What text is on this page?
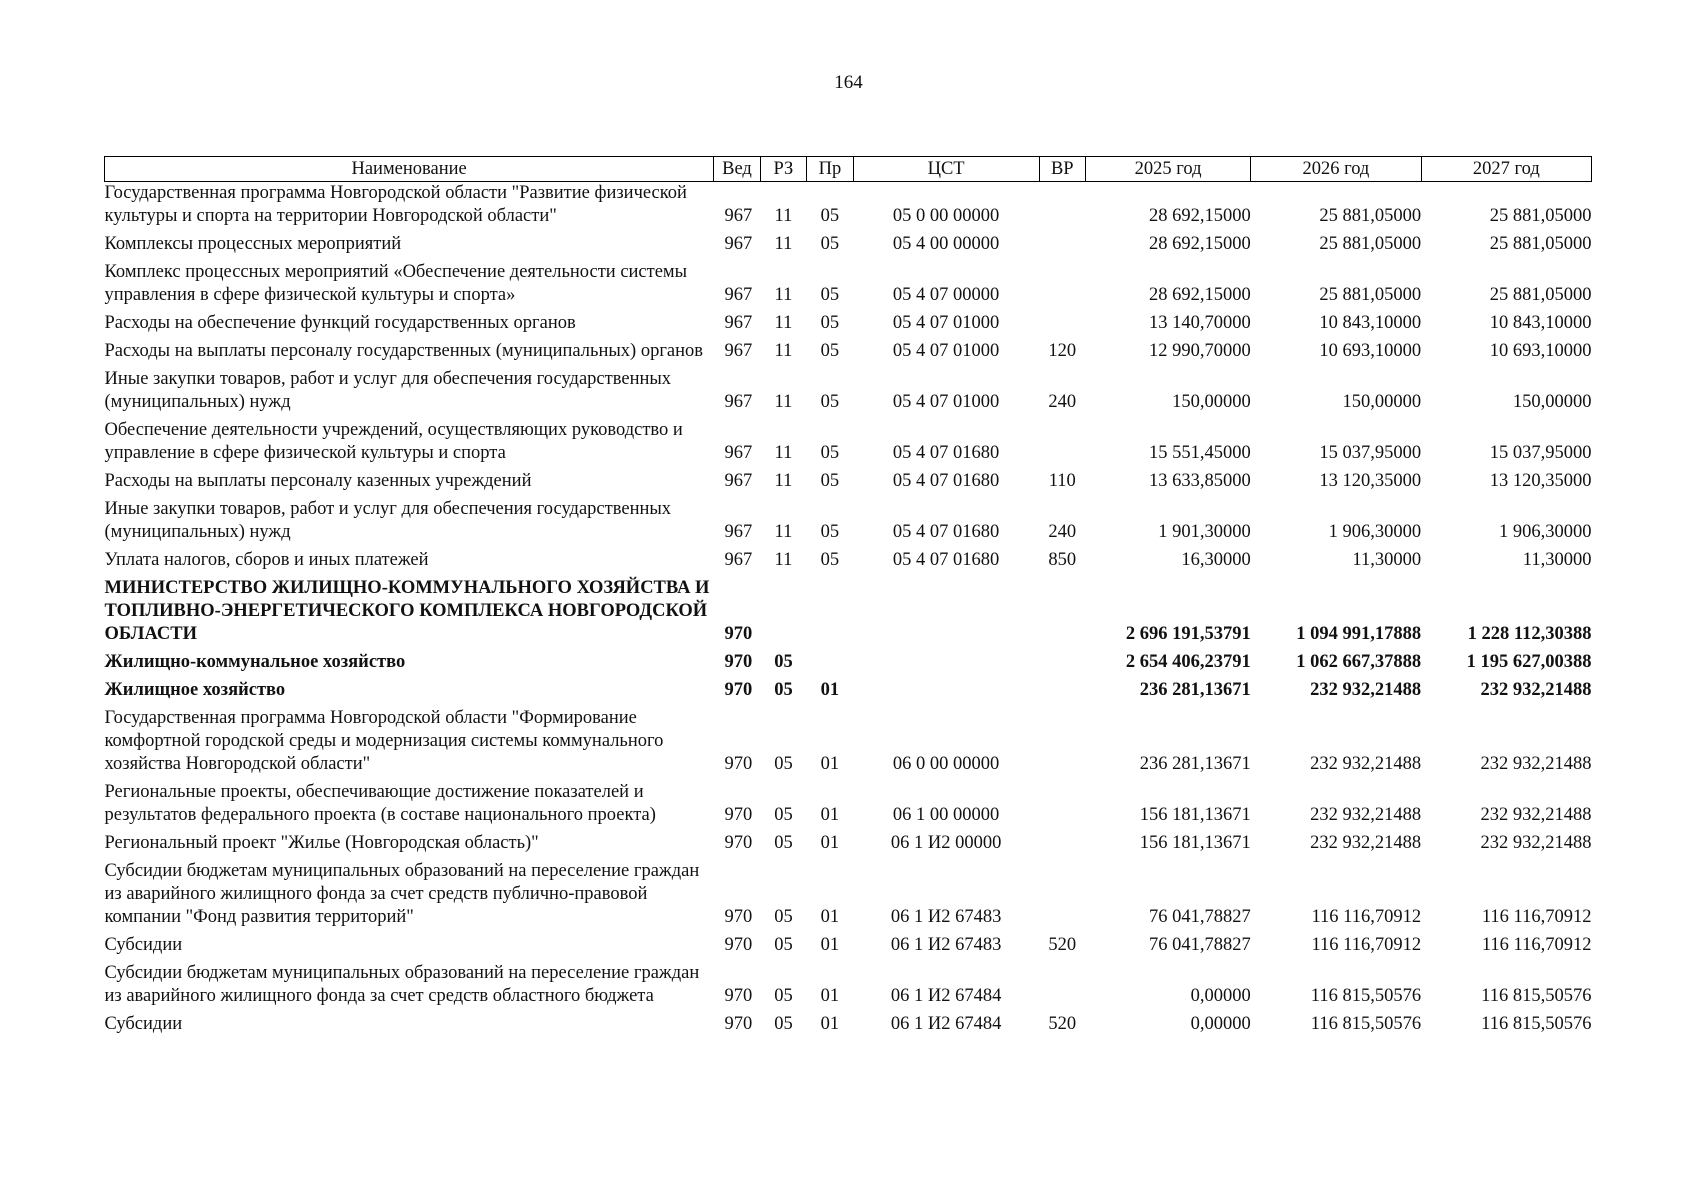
164
Наименование	Вед	РЗ	Пр	ЦСТ	ВР	2025 год	2026 год	2027 год
Государственная программа Новгородской области "Развитие физической культуры и спорта на территории Новгородской области"	967	11	05	05 0 00 00000		28 692,15000	25 881,05000	25 881,05000
Комплексы процессных мероприятий	967	11	05	05 4 00 00000		28 692,15000	25 881,05000	25 881,05000
Комплекс процессных мероприятий «Обеспечение деятельности системы управления в сфере физической культуры и спорта»	967	11	05	05 4 07 00000		28 692,15000	25 881,05000	25 881,05000
Расходы на обеспечение функций государственных органов	967	11	05	05 4 07 01000		13 140,70000	10 843,10000	10 843,10000
Расходы на выплаты персоналу государственных (муниципальных) органов	967	11	05	05 4 07 01000	120	12 990,70000	10 693,10000	10 693,10000
Иные закупки товаров, работ и услуг для обеспечения государственных (муниципальных) нужд	967	11	05	05 4 07 01000	240	150,00000	150,00000	150,00000
Обеспечение деятельности учреждений, осуществляющих руководство и управление в сфере физической культуры и спорта	967	11	05	05 4 07 01680		15 551,45000	15 037,95000	15 037,95000
Расходы на выплаты персоналу казенных учреждений	967	11	05	05 4 07 01680	110	13 633,85000	13 120,35000	13 120,35000
Иные закупки товаров, работ и услуг для обеспечения государственных (муниципальных) нужд	967	11	05	05 4 07 01680	240	1 901,30000	1 906,30000	1 906,30000
Уплата налогов, сборов и иных платежей	967	11	05	05 4 07 01680	850	16,30000	11,30000	11,30000
МИНИСТЕРСТВО ЖИЛИЩНО-КОММУНАЛЬНОГО ХОЗЯЙСТВА И ТОПЛИВНО-ЭНЕРГЕТИЧЕСКОГО КОМПЛЕКСА НОВГОРОДСКОЙ ОБЛАСТИ	970					2 696 191,53791	1 094 991,17888	1 228 112,30388
Жилищно-коммунальное хозяйство	970	05				2 654 406,23791	1 062 667,37888	1 195 627,00388
Жилищное хозяйство	970	05	01			236 281,13671	232 932,21488	232 932,21488
Государственная программа Новгородской области "Формирование комфортной городской среды и модернизация системы коммунального хозяйства Новгородской области"	970	05	01	06 0 00 00000		236 281,13671	232 932,21488	232 932,21488
Региональные проекты, обеспечивающие достижение показателей и результатов федерального проекта (в составе национального проекта)	970	05	01	06 1 00 00000		156 181,13671	232 932,21488	232 932,21488
Региональный проект "Жилье (Новгородская область)"	970	05	01	06 1 И2 00000		156 181,13671	232 932,21488	232 932,21488
Субсидии бюджетам муниципальных образований на переселение граждан из аварийного жилищного фонда за счет средств публично-правовой компании "Фонд развития территорий"	970	05	01	06 1 И2 67483		76 041,78827	116 116,70912	116 116,70912
Субсидии	970	05	01	06 1 И2 67483	520	76 041,78827	116 116,70912	116 116,70912
Субсидии бюджетам муниципальных образований на переселение граждан из аварийного жилищного фонда за счет средств областного бюджета	970	05	01	06 1 И2 67484		0,00000	116 815,50576	116 815,50576
Субсидии	970	05	01	06 1 И2 67484	520	0,00000	116 815,50576	116 815,50576
